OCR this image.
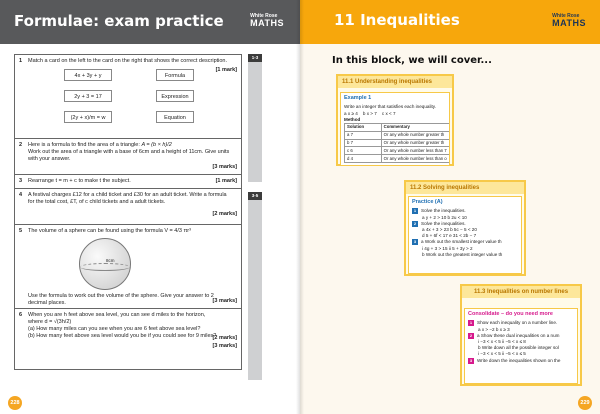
Formulae: exam practice	White Rose
MATHS
1-3
3-5
1 Match a card on the left to the card on the right that shows the correct description.
[1 mark]
4x + 3y + y	Formula
2y + 3 = 17	Expression
(2y + x)/m = w	Equation
2 Here is a formula to find the area of a triangle: A = (b × h)/2
Work out the area of a triangle with a base of 6cm and a height of 11cm. Give units with your answer.
[3 marks]
3 Rearrange t = m + c to make t the subject.	[1 mark]
4 A festival charges £12 for a child ticket and £30 for an adult ticket. Write a formula for the total cost, £T, of c child tickets and a adult tickets.
[2 marks]
5 The volume of a sphere can be found using the formula V = 4/3 πr³
8cm
Use the formula to work out the volume of the sphere. Give your answer to 2 decimal places.	[3 marks]
6 When you are h feet above sea level, you can see d miles to the horizon,
where d = √(3h/2)
(a) How many miles can you see when you are 6 feet above sea level?
(b) How many feet above sea level would you be if you could see for 9 miles?
[2 marks]
[3 marks]
228
11 Inequalities	White Rose
MATHS
In this block, we will cover...
11.1 Understanding inequalities
Example 1
Write an integer that satisfies each inequality.
a x ≥ 4 b x > 7 c x < 7
Method
Solution	Commentary
a 7	Or any whole number greater th
b 7	Or any whole number greater th
c 6	Or any whole number less than 7
d 4	Or any whole number less than o
11.2 Solving inequalities
Practice (A)
1 Solve the inequalities.
a y + 2 > 10 b 2u < 10
2 Solve the inequalities.
a 4x + 3 > 23 b 5c − 5 < 20
d 5 + 6f < 17 e 31 < 2b − 7
3 a Work out the smallest integer value th
i 4g + 3 > 15 ii 5 + 3y > 2
b Work out the greatest integer value th
11.3 Inequalities on number lines
Consolidate – do you need more
1 Show each inequality on a number line.
a x > −2 b x ≥ 3
2 a Show these dual inequalities on a num
i −3 < x < 5 ii −5 < x ≤ 8
b Write down all the possible integer sol
i −3 < x < 5 ii −5 < x ≤ 5
3 Write down the inequalities shown on the
229
